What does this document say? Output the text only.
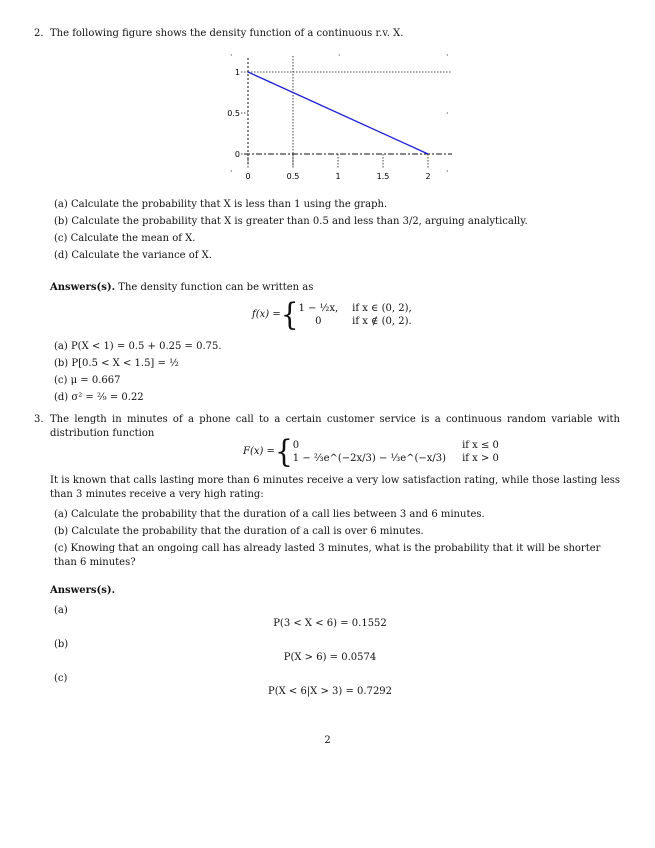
2. The following figure shows the density function of a continuous r.v. X.
0
0.5
1
0	0.5	1	1.5	2
·	·
·
·
·	·
(a) Calculate the probability that X is less than 1 using the graph.
(b) Calculate the probability that X is greater than 0.5 and less than 3/2, arguing analytically.
(c) Calculate the mean of X.
(d) Calculate the variance of X.
Answers(s). The density function can be written as
f(x) = { 1 − ½x, if x ∈ (0, 2),
0	if x ∉ (0, 2).
(a) P(X < 1) = 0.5 + 0.25 = 0.75.
(b) P[0.5 < X < 1.5] = ½
(c) μ = 0.667
(d) σ² = ²⁄₉ = 0.22
3. The length in minutes of a phone call to a certain customer service is a continuous random variable with distribution function
F(x) = { 0	if x ≤ 0
1 − ⅔e^(−2x/3) − ⅓e^(−x/3) if x > 0
It is known that calls lasting more than 6 minutes receive a very low satisfaction rating, while those lasting less than 3 minutes receive a very high rating:
(a) Calculate the probability that the duration of a call lies between 3 and 6 minutes.
(b) Calculate the probability that the duration of a call is over 6 minutes.
(c) Knowing that an ongoing call has already lasted 3 minutes, what is the probability that it will be shorter than 6 minutes?
Answers(s).
(a)
P(3 < X < 6) = 0.1552
(b)
P(X > 6) = 0.0574
(c)
P(X < 6|X > 3) = 0.7292
2
